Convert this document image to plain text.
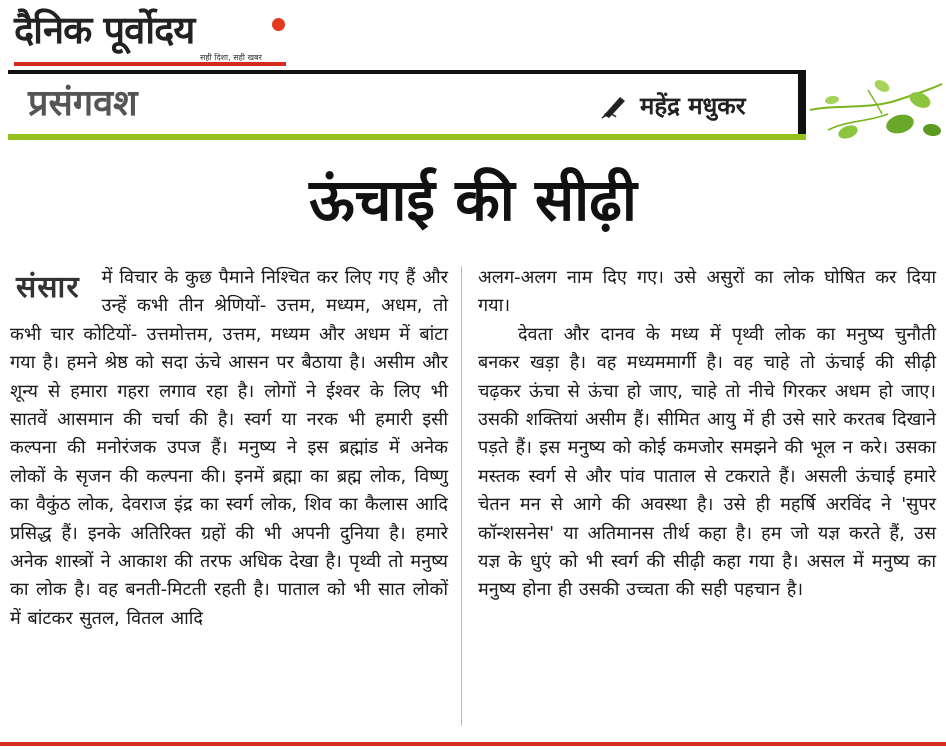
दैनिक पूर्वोदय
सही दिशा, सही खबर
प्रसंगवश	महेंद्र मधुकर
ऊंचाई की सीढ़ी
संसार में विचार के कुछ पैमाने निश्चित कर लिए गए हैं और उन्हें कभी तीन श्रेणियों- उत्तम, मध्यम, अधम, तो कभी चार कोटियों- उत्तमोत्तम, उत्तम, मध्यम और अधम में बांटा गया है। हमने श्रेष्ठ को सदा ऊंचे आसन पर बैठाया है। असीम और शून्य से हमारा गहरा लगाव रहा है। लोगों ने ईश्वर के लिए भी सातवें आसमान की चर्चा की है। स्वर्ग या नरक भी हमारी इसी कल्पना की मनोरंजक उपज हैं। मनुष्य ने इस ब्रह्मांड में अनेक लोकों के सृजन की कल्पना की। इनमें ब्रह्मा का ब्रह्म लोक, विष्णु का वैकुंठ लोक, देवराज इंद्र का स्वर्ग लोक, शिव का कैलास आदि प्रसिद्ध हैं। इनके अतिरिक्त ग्रहों की भी अपनी दुनिया है। हमारे अनेक शास्त्रों ने आकाश की तरफ अधिक देखा है। पृथ्वी तो मनुष्य का लोक है। वह बनती-मिटती रहती है। पाताल को भी सात लोकों में बांटकर सुतल, वितल आदि
अलग-अलग नाम दिए गए। उसे असुरों का लोक घोषित कर दिया गया।
देवता और दानव के मध्य में पृथ्वी लोक का मनुष्य चुनौती बनकर खड़ा है। वह मध्यममार्गी है। वह चाहे तो ऊंचाई की सीढ़ी चढ़कर ऊंचा से ऊंचा हो जाए, चाहे तो नीचे गिरकर अधम हो जाए। उसकी शक्तियां असीम हैं। सीमित आयु में ही उसे सारे करतब दिखाने पड़ते हैं। इस मनुष्य को कोई कमजोर समझने की भूल न करे। उसका मस्तक स्वर्ग से और पांव पाताल से टकराते हैं। असली ऊंचाई हमारे चेतन मन से आगे की अवस्था है। उसे ही महर्षि अरविंद ने 'सुपर कॉन्शसनेस' या अतिमानस तीर्थ कहा है। हम जो यज्ञ करते हैं, उस यज्ञ के धुएं को भी स्वर्ग की सीढ़ी कहा गया है। असल में मनुष्य का मनुष्य होना ही उसकी उच्चता की सही पहचान है।
